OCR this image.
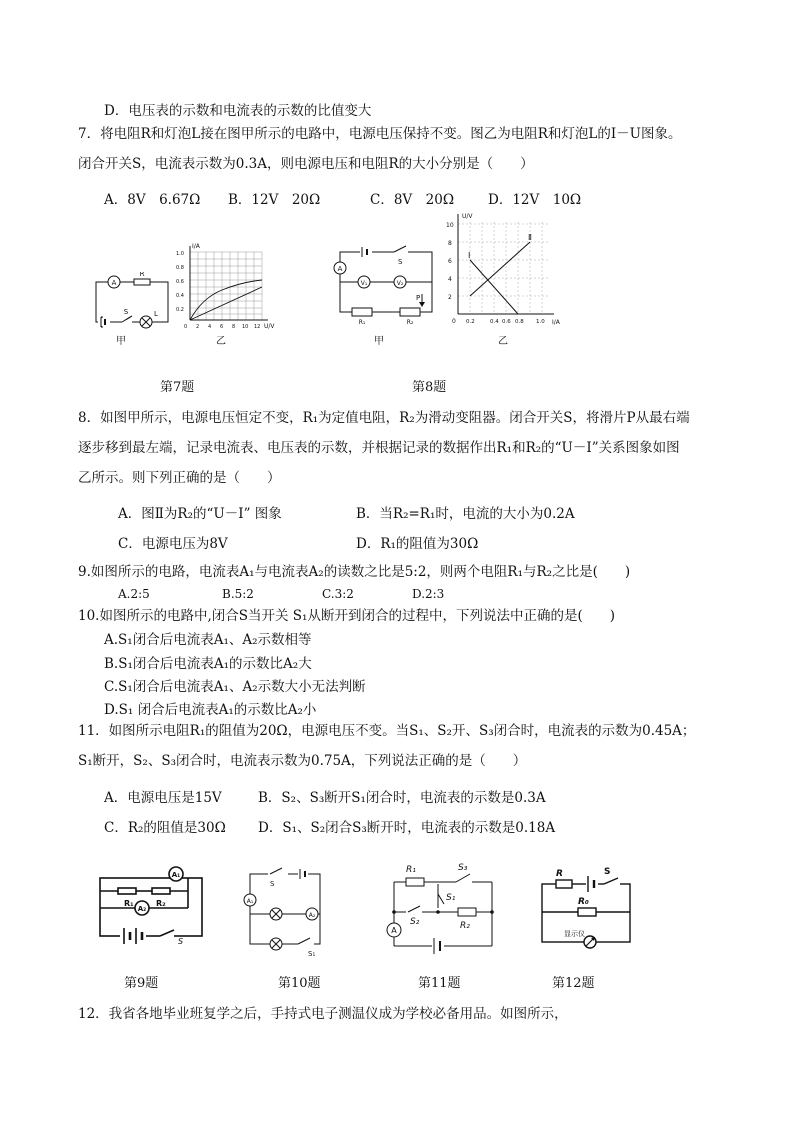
D．电压表的示数和电流表的示数的比值变大
7．将电阻R和灯泡L接在图甲所示的电路中，电源电压保持不变。图乙为电阻R和灯泡L的I－U图象。
闭合开关S，电流表示数为0.3A，则电源电压和电阻R的大小分别是（　　）
A．8V　6.67Ω B．12V　20Ω	C．8V　20Ω	D．12V　10Ω
A
R
S	L
甲
I/A
U/V
1.0
0.8
0.6
0.4
0.2
0 2 4 6 8 10 12
乙
S
A
V₁	V₂
P
R₁	R₂
甲
I
Ⅱ
U/V
I/A
10
8
6
4
2
0 0.2	0.4 0.6 0.8 1.0
乙
第7题	第8题
8．如图甲所示，电源电压恒定不变，R₁为定值电阻，R₂为滑动变阻器。闭合开关S，将滑片P从最右端
逐步移到最左端，记录电流表、电压表的示数，并根据记录的数据作出R₁和R₂的“U－I”关系图象如图
乙所示。则下列正确的是（　　）
A．图Ⅱ为R₂的“U－I” 图象	B．当R₂=R₁时，电流的大小为0.2A
C．电源电压为8V	D．R₁的阻值为30Ω
9.如图所示的电路，电流表A₁与电流表A₂的读数之比是5:2，则两个电阻R₁与R₂之比是(　　)
A.2:5	B.5:2	C.3:2	D.2:3
10.如图所示的电路中,闭合S当开关 S₁从断开到闭合的过程中，下列说法中正确的是(　　)
A.S₁闭合后电流表A₁、A₂示数相等
B.S₁闭合后电流表A₁的示数比A₂大
C.S₁闭合后电流表A₁、A₂示数大小无法判断
D.S₁ 闭合后电流表A₁的示数比A₂小
11．如图所示电阻R₁的阻值为20Ω，电源电压不变。当S₁、S₂开、S₃闭合时，电流表的示数为0.45A；
S₁断开，S₂、S₃闭合时，电流表示数为0.75A，下列说法正确的是（　　）
A．电源电压是15V	B．S₂、S₃断开S₁闭合时，电流表的示数是0.3A
C．R₂的阻值是30Ω D．S₁、S₂闭合S₃断开时，电流表的示数是0.18A
A₁
A₂
R₁	R₂
S
S
A₁
A₂
S₁
R₁	S₃
S₁
S₂	R₂
A
R	S
R₀
显示仪
第9题	第10题	第11题	第12题
12．我省各地毕业班复学之后，手持式电子测温仪成为学校必备用品。如图所示，
